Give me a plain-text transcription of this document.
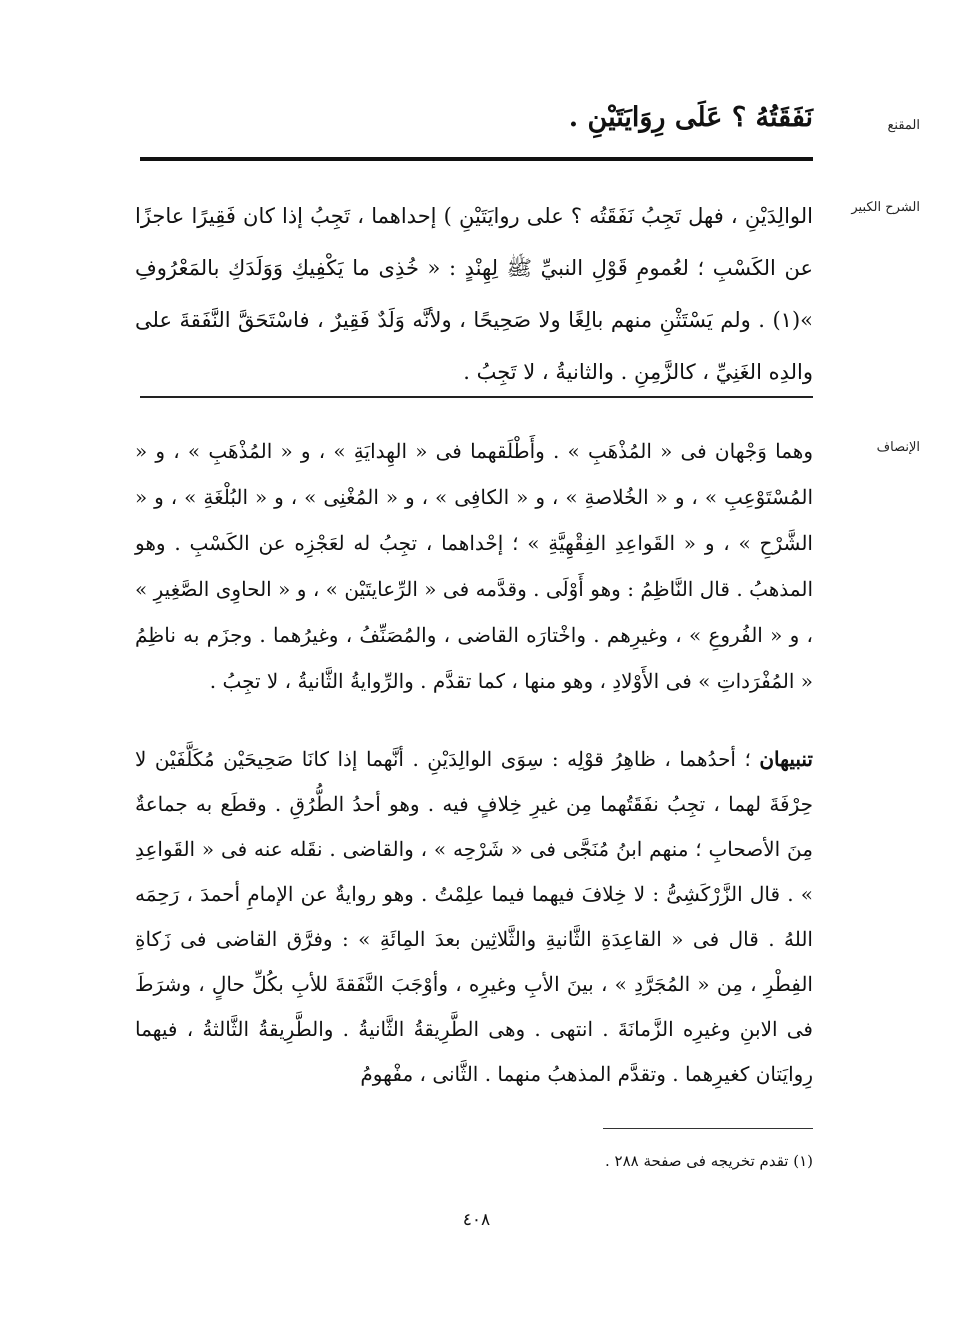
المقنع
نَفَقَتُهُ ؟ عَلَى رِوَايَتَيْنِ .
الشرح الكبير
الوالِدَيْنِ ، فهل تَجِبُ نَفَقَتُه ؟ على روايَتَيْنِ ) إحداهما ، تَجِبُ إذا كان فَقِيرًا عاجزًا عن الكَسْبِ ؛ لعُمومِ قَوْلِ النبيِّ ﷺ لِهِنْدٍ : « خُذِى ما يَكْفِيكِ وَوَلَدَكِ بالمَعْرُوفِ »(١) . ولم يَسْتَثْنِ منهم بالِغًا ولا صَحِيحًا ، ولأنَّه وَلَدٌ فَقِيرٌ ، فاسْتَحَقَّ النَّفَقةَ على والدِه الغَنِيِّ ، كالزَّمِنِ . والثانيةُ ، لا تَجِبُ .
الإنصاف
وهما وَجْهان فى « المُذْهَبِ » . وأَطْلَقهما فى « الهِدايَةِ » ، و « المُذْهَبِ » ، و « المُسْتَوْعِبِ » ، و « الخُلاصةِ » ، و « الكافِى » ، و « المُغْنِى » ، و « البُلْغَةِ » ، و « الشَّرْحِ » ، و « القَواعِدِ الفِقْهِيَّةِ » ؛ إحْداهما ، تجِبُ له لعَجْزِه عن الكَسْبِ . وهو المذهبُ . قال النَّاظِمُ : وهو أَوْلَى . وقدَّمه فى « الرِّعايتَيْن » ، و « الحاوِى الصَّغِيرِ » ، و « الفُروعِ » ، وغيرِهم . واخْتارَه القاضى ، والمُصَنِّفُ ، وغيرُهما . وجزَم به ناظِمُ « المُفْرَداتِ » فى الأَوْلادِ ، وهو منها ، كما تقدَّم . والرِّوايةُ الثَّانيةُ ، لا تجِبُ .
تنبيهان ؛ أحدُهما ، ظاهِرُ قوْلِه : سِوَى الوالِدَيْنِ . أنَّهما إذا كانَا صَحِيحَيْن مُكَلَّفَيْن لا حِرْفَةَ لهما ، تجِبُ نفَقَتُهما مِن غيرِ خِلافٍ فيه . وهو أحدُ الطُّرُقِ . وقطَع به جماعةٌ مِنَ الأصحابِ ؛ منهم ابنُ مُنَجَّى فى « شَرْحِه » ، والقاضى . نقَله عنه فى « القَواعِدِ » . قال الزَّرْكَشِىُّ : لا خِلافَ فيهما فيما علِمْتُ . وهو روايةٌ عن الإمامِ أحمدَ ، رَحِمَه اللهُ . قال فى « القاعِدَةِ الثَّانيةِ والثَّلاثِين بعدَ المِائَةِ » : وفرَّق القاضى فى زَكاةِ الفِطْرِ ، مِن « المُجَرَّدِ » ، بينَ الأبِ وغيرِه ، وأوْجَبَ النَّفَقةَ للأبِ بكُلِّ حالٍ ، وشرَطَ فى الابنِ وغيرِه الزَّمانَةَ . انتهى . وهى الطَّرِيقةُ الثَّانيةُ . والطَّرِيقةُ الثَّالثةُ ، فيهما رِوايَتان كغيرِهما . وتقدَّم المذهبُ منهما . الثَّانى ، مفْهومُ
(١) تقدم تخريجه فى صفحة ٢٨٨ .
٤٠٨
